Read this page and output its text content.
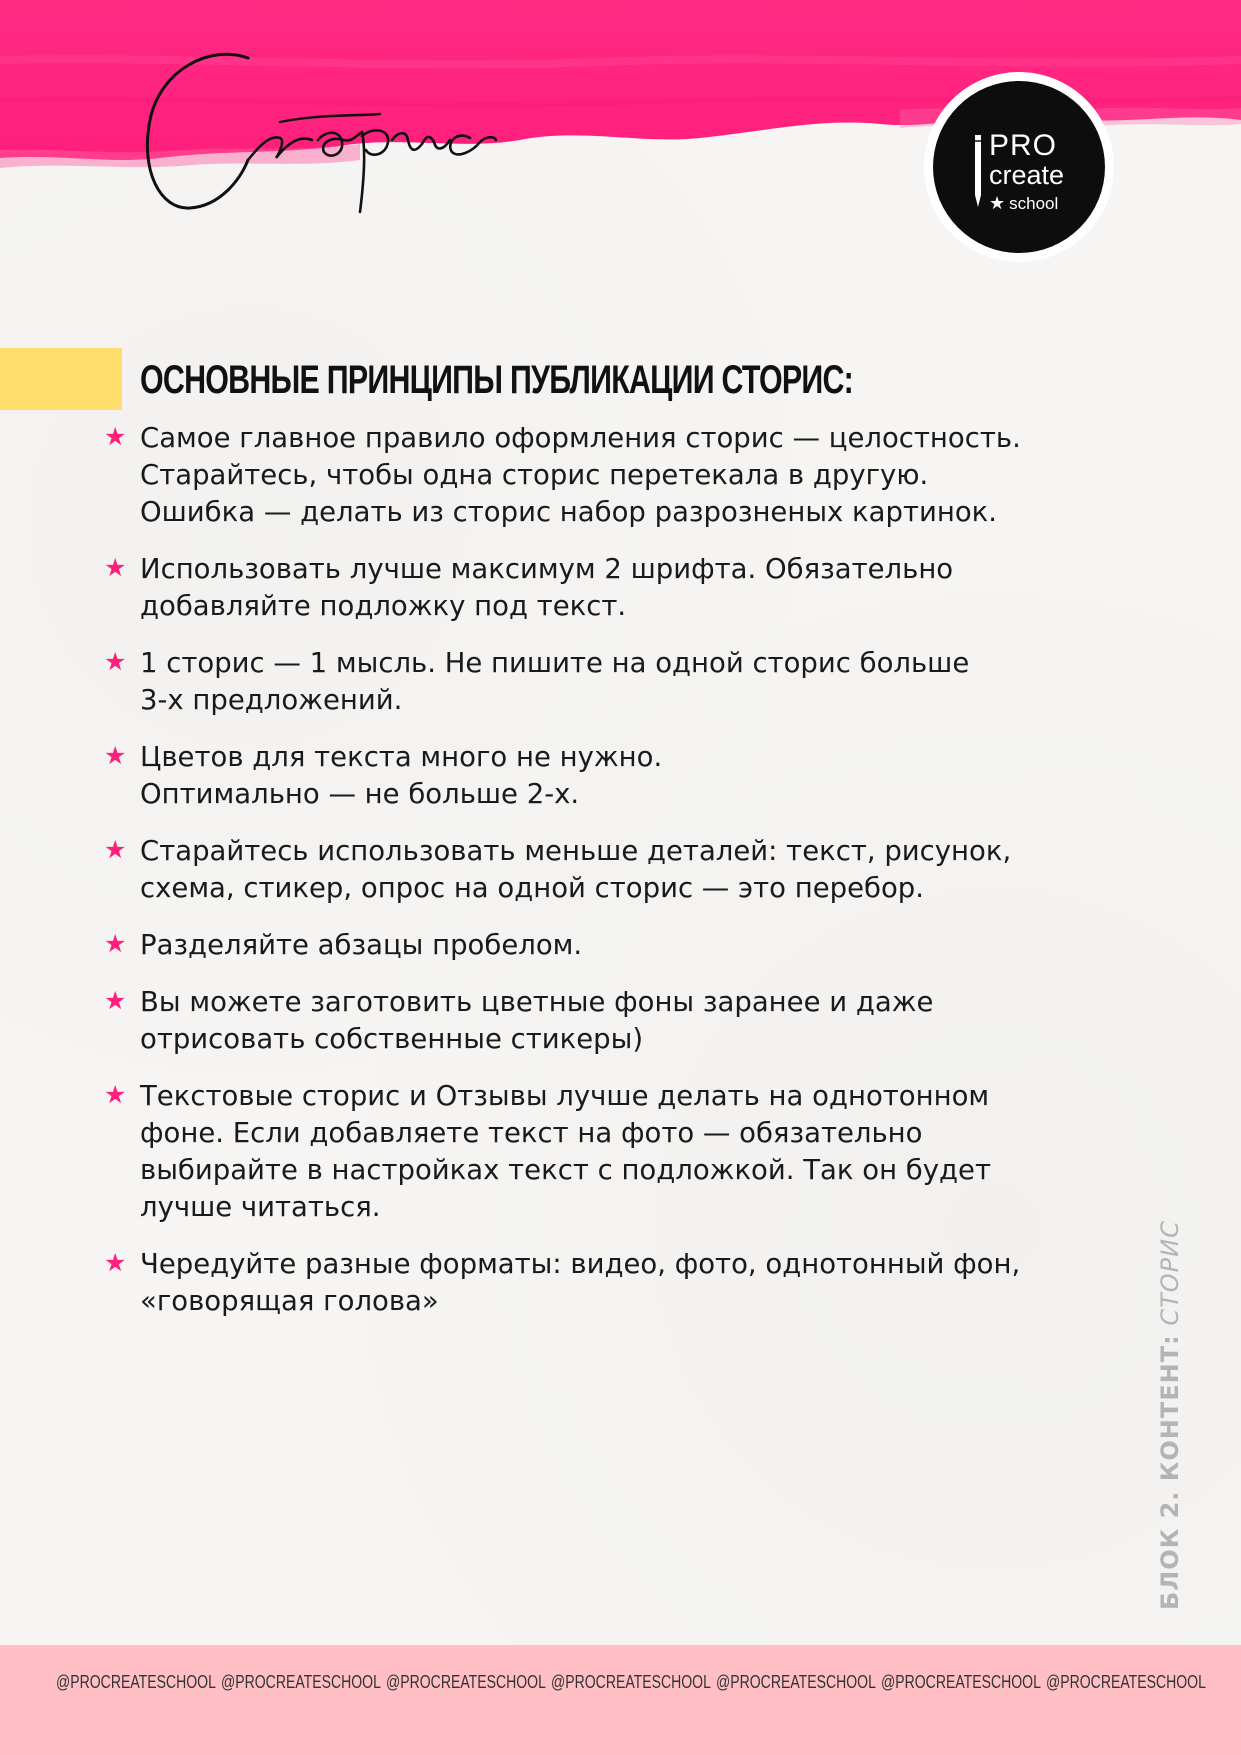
PRO
create
★ school
ОСНОВНЫЕ ПРИНЦИПЫ ПУБЛИКАЦИИ СТОРИС:
★ Самое главное правило оформления сторис — целостность.
Старайтесь, чтобы одна сторис перетекала в другую.
Ошибка — делать из сторис набор разрозненых картинок.
★ Использовать лучше максимум 2 шрифта. Обязательно
добавляйте подложку под текст.
★ 1 сторис — 1 мысль. Не пишите на одной сторис больше
3-х предложений.
★ Цветов для текста много не нужно.
Оптимально — не больше 2-х.
★ Старайтесь использовать меньше деталей: текст, рисунок,
схема, стикер, опрос на одной сторис — это перебор.
★ Разделяйте абзацы пробелом.
★ Вы можете заготовить цветные фоны заранее и даже
отрисовать собственные стикеры)
★ Текстовые сторис и Отзывы лучше делать на однотонном
фоне. Если добавляете текст на фото — обязательно
выбирайте в настройках текст с подложкой. Так он будет
лучше читаться.
★ Чередуйте разные форматы: видео, фото, однотонный фон,
«говорящая голова»
БЛОК 2. КОНТЕНТ: СТОРИС
@PROCREATESCHOOL @PROCREATESCHOOL @PROCREATESCHOOL @PROCREATESCHOOL @PROCREATESCHOOL @PROCREATESCHOOL @PROCREATESCHOOL
